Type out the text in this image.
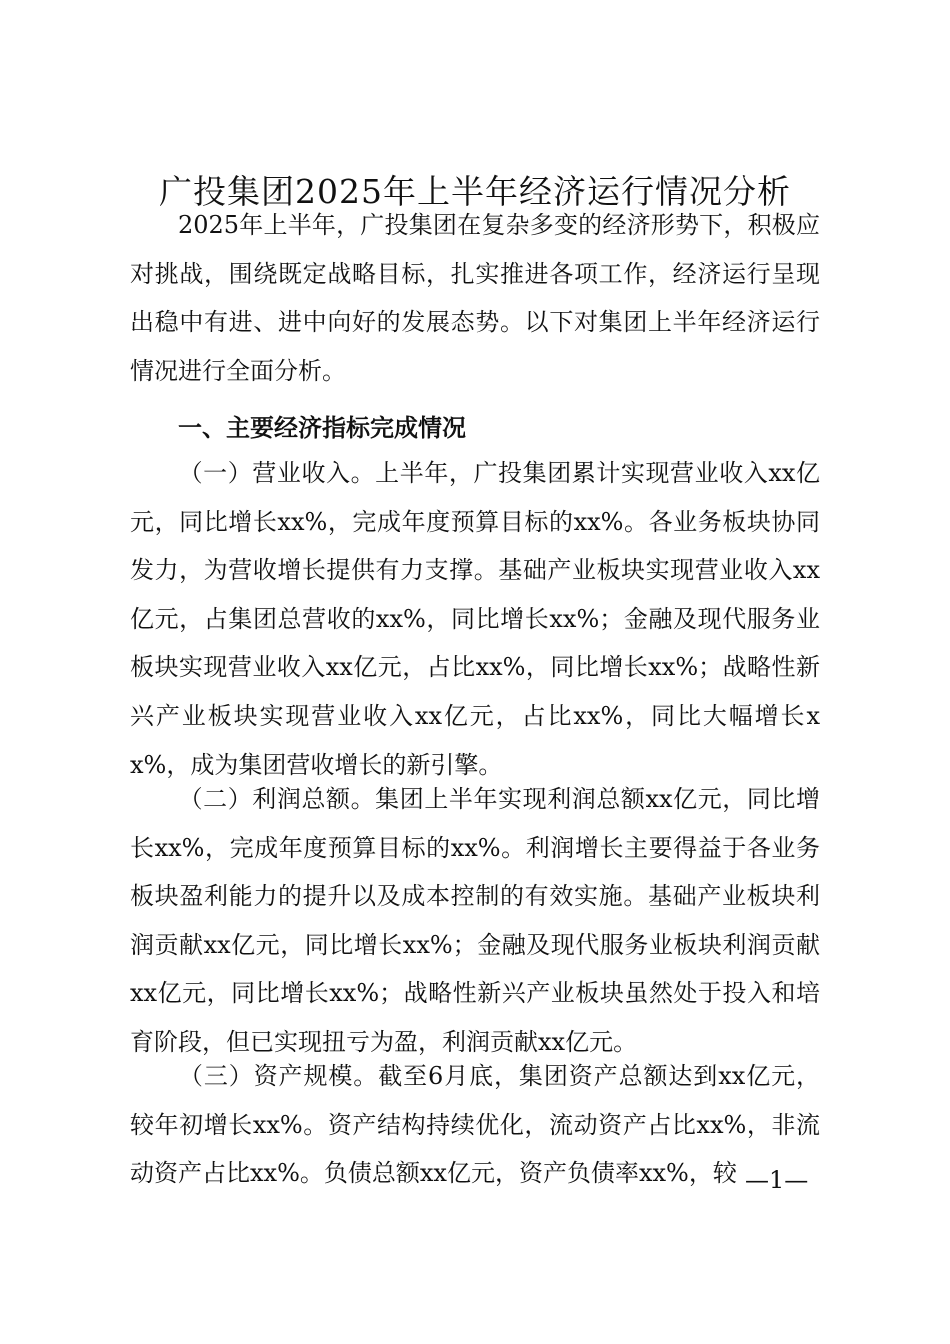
广投集团2025年上半年经济运行情况分析
2025年上半年，广投集团在复杂多变的经济形势下，积极应对挑战，围绕既定战略目标，扎实推进各项工作，经济运行呈现出稳中有进、进中向好的发展态势。以下对集团上半年经济运行情况进行全面分析。
一、主要经济指标完成情况
（一）营业收入。上半年，广投集团累计实现营业收入xx亿元，同比增长xx%，完成年度预算目标的xx%。各业务板块协同发力，为营收增长提供有力支撑。基础产业板块实现营业收入xx亿元，占集团总营收的xx%，同比增长xx%；金融及现代服务业板块实现营业收入xx亿元，占比xx%，同比增长xx%；战略性新兴产业板块实现营业收入xx亿元，占比xx%，同比大幅增长xx%，成为集团营收增长的新引擎。
（二）利润总额。集团上半年实现利润总额xx亿元，同比增长xx%，完成年度预算目标的xx%。利润增长主要得益于各业务板块盈利能力的提升以及成本控制的有效实施。基础产业板块利润贡献xx亿元，同比增长xx%；金融及现代服务业板块利润贡献xx亿元，同比增长xx%；战略性新兴产业板块虽然处于投入和培育阶段，但已实现扭亏为盈，利润贡献xx亿元。
（三）资产规模。截至6月底，集团资产总额达到xx亿元，较年初增长xx%。资产结构持续优化，流动资产占比xx%，非流动资产占比xx%。负债总额xx亿元，资产负债率xx%，较 —1—
